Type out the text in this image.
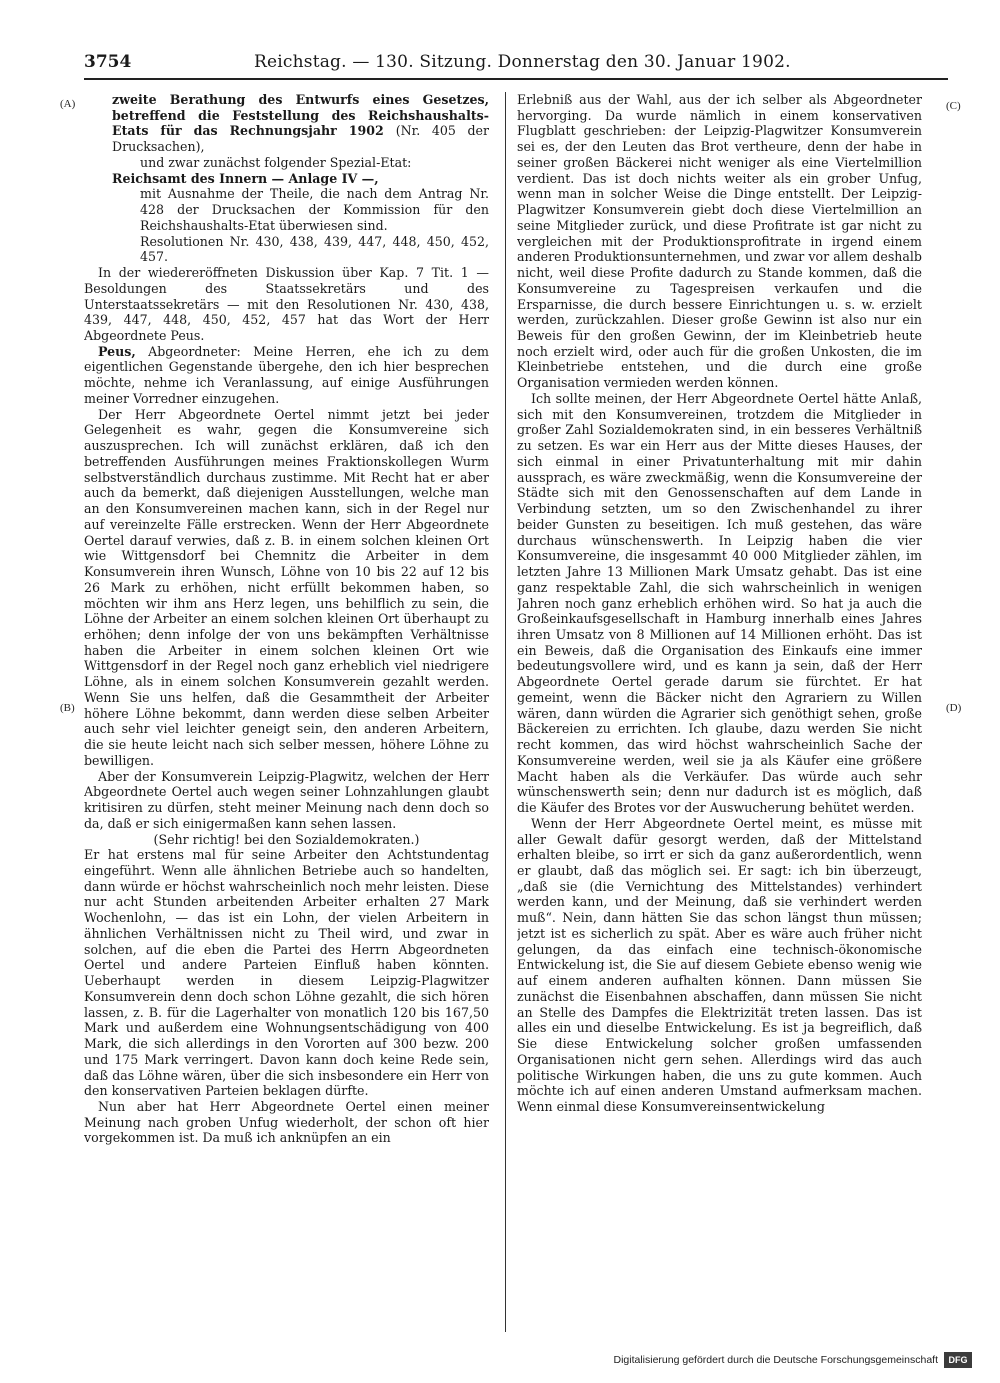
3754	Reichstag. — 130. Sitzung. Donnerstag den 30. Januar 1902.
(A)
(B)
(C)
(D)

zweite Berathung des Entwurfs eines Gesetzes, betreffend die Feststellung des Reichshaushalts-Etats für das Rechnungsjahr 1902 (Nr. 405 der Drucksachen),

und zwar zunächst folgender Spezial-Etat:

Reichsamt des Innern — Anlage IV —,

mit Ausnahme der Theile, die nach dem Antrag Nr. 428 der Drucksachen der Kommission für den Reichshaushalts-Etat überwiesen sind.

Resolutionen Nr. 430, 438, 439, 447, 448, 450, 452, 457.

In der wiedereröffneten Diskussion über Kap. 7 Tit. 1 — Besoldungen des Staatssekretärs und des Unterstaatssekretärs — mit den Resolutionen Nr. 430, 438, 439, 447, 448, 450, 452, 457 hat das Wort der Herr Abgeordnete Peus.

Peus, Abgeordneter: Meine Herren, ehe ich zu dem eigentlichen Gegenstande übergehe, den ich hier besprechen möchte, nehme ich Veranlassung, auf einige Ausführungen meiner Vorredner einzugehen.

Der Herr Abgeordnete Oertel nimmt jetzt bei jeder Gelegenheit es wahr, gegen die Konsumvereine sich auszusprechen. Ich will zunächst erklären, daß ich den betreffenden Ausführungen meines Fraktionskollegen Wurm selbstverständlich durchaus zustimme. Mit Recht hat er aber auch da bemerkt, daß diejenigen Ausstellungen, welche man an den Konsumvereinen machen kann, sich in der Regel nur auf vereinzelte Fälle erstrecken. Wenn der Herr Abgeordnete Oertel darauf verwies, daß z. B. in einem solchen kleinen Ort wie Wittgensdorf bei Chemnitz die Arbeiter in dem Konsumverein ihren Wunsch, Löhne von 10 bis 22 auf 12 bis 26 Mark zu erhöhen, nicht erfüllt bekommen haben, so möchten wir ihm ans Herz legen, uns behilflich zu sein, die Löhne der Arbeiter an einem solchen kleinen Ort überhaupt zu erhöhen; denn infolge der von uns bekämpften Verhältnisse haben die Arbeiter in einem solchen kleinen Ort wie Wittgensdorf in der Regel noch ganz erheblich viel niedrigere Löhne, als in einem solchen Konsumverein gezahlt werden. Wenn Sie uns helfen, daß die Gesammtheit der Arbeiter höhere Löhne bekommt, dann werden diese selben Arbeiter auch sehr viel leichter geneigt sein, den anderen Arbeitern, die sie heute leicht nach sich selber messen, höhere Löhne zu bewilligen.

Aber der Konsumverein Leipzig-Plagwitz, welchen der Herr Abgeordnete Oertel auch wegen seiner Lohnzahlungen glaubt kritisiren zu dürfen, steht meiner Meinung nach denn doch so da, daß er sich einigermaßen kann sehen lassen.

(Sehr richtig! bei den Sozialdemokraten.)

Er hat erstens mal für seine Arbeiter den Achtstundentag eingeführt. Wenn alle ähnlichen Betriebe auch so handelten, dann würde er höchst wahrscheinlich noch mehr leisten. Diese nur acht Stunden arbeitenden Arbeiter erhalten 27 Mark Wochenlohn, — das ist ein Lohn, der vielen Arbeitern in ähnlichen Verhältnissen nicht zu Theil wird, und zwar in solchen, auf die eben die Partei des Herrn Abgeordneten Oertel und andere Parteien Einfluß haben könnten. Ueberhaupt werden in diesem Leipzig-Plagwitzer Konsumverein denn doch schon Löhne gezahlt, die sich hören lassen, z. B. für die Lagerhalter von monatlich 120 bis 167,50 Mark und außerdem eine Wohnungsentschädigung von 400 Mark, die sich allerdings in den Vororten auf 300 bezw. 200 und 175 Mark verringert. Davon kann doch keine Rede sein, daß das Löhne wären, über die sich insbesondere ein Herr von den konservativen Parteien beklagen dürfte.

Nun aber hat Herr Abgeordnete Oertel einen meiner Meinung nach groben Unfug wiederholt, der schon oft hier vorgekommen ist. Da muß ich anknüpfen an ein

Erlebniß aus der Wahl, aus der ich selber als Abgeordneter hervorging. Da wurde nämlich in einem konservativen Flugblatt geschrieben: der Leipzig-Plagwitzer Konsumverein sei es, der den Leuten das Brot vertheure, denn der habe in seiner großen Bäckerei nicht weniger als eine Viertelmillion verdient. Das ist doch nichts weiter als ein grober Unfug, wenn man in solcher Weise die Dinge entstellt. Der Leipzig-Plagwitzer Konsumverein giebt doch diese Viertelmillion an seine Mitglieder zurück, und diese Profitrate ist gar nicht zu vergleichen mit der Produktionsprofitrate in irgend einem anderen Produktionsunternehmen, und zwar vor allem deshalb nicht, weil diese Profite dadurch zu Stande kommen, daß die Konsumvereine zu Tagespreisen verkaufen und die Ersparnisse, die durch bessere Einrichtungen u. s. w. erzielt werden, zurückzahlen. Dieser große Gewinn ist also nur ein Beweis für den großen Gewinn, der im Kleinbetrieb heute noch erzielt wird, oder auch für die großen Unkosten, die im Kleinbetriebe entstehen, und die durch eine große Organisation vermieden werden können.

Ich sollte meinen, der Herr Abgeordnete Oertel hätte Anlaß, sich mit den Konsumvereinen, trotzdem die Mitglieder in großer Zahl Sozialdemokraten sind, in ein besseres Verhältniß zu setzen. Es war ein Herr aus der Mitte dieses Hauses, der sich einmal in einer Privatunterhaltung mit mir dahin aussprach, es wäre zweckmäßig, wenn die Konsumvereine der Städte sich mit den Genossenschaften auf dem Lande in Verbindung setzten, um so den Zwischenhandel zu ihrer beider Gunsten zu beseitigen. Ich muß gestehen, das wäre durchaus wünschenswerth. In Leipzig haben die vier Konsumvereine, die insgesammt 40 000 Mitglieder zählen, im letzten Jahre 13 Millionen Mark Umsatz gehabt. Das ist eine ganz respektable Zahl, die sich wahrscheinlich in wenigen Jahren noch ganz erheblich erhöhen wird. So hat ja auch die Großeinkaufsgesellschaft in Hamburg innerhalb eines Jahres ihren Umsatz von 8 Millionen auf 14 Millionen erhöht. Das ist ein Beweis, daß die Organisation des Einkaufs eine immer bedeutungsvollere wird, und es kann ja sein, daß der Herr Abgeordnete Oertel gerade darum sie fürchtet. Er hat gemeint, wenn die Bäcker nicht den Agrariern zu Willen wären, dann würden die Agrarier sich genöthigt sehen, große Bäckereien zu errichten. Ich glaube, dazu werden Sie nicht recht kommen, das wird höchst wahrscheinlich Sache der Konsumvereine werden, weil sie ja als Käufer eine größere Macht haben als die Verkäufer. Das würde auch sehr wünschenswerth sein; denn nur dadurch ist es möglich, daß die Käufer des Brotes vor der Auswucherung behütet werden.

Wenn der Herr Abgeordnete Oertel meint, es müsse mit aller Gewalt dafür gesorgt werden, daß der Mittelstand erhalten bleibe, so irrt er sich da ganz außerordentlich, wenn er glaubt, daß das möglich sei. Er sagt: ich bin überzeugt, „daß sie (die Vernichtung des Mittelstandes) verhindert werden kann, und der Meinung, daß sie verhindert werden muß“. Nein, dann hätten Sie das schon längst thun müssen; jetzt ist es sicherlich zu spät. Aber es wäre auch früher nicht gelungen, da das einfach eine technisch-ökonomische Entwickelung ist, die Sie auf diesem Gebiete ebenso wenig wie auf einem anderen aufhalten können. Dann müssen Sie zunächst die Eisenbahnen abschaffen, dann müssen Sie nicht an Stelle des Dampfes die Elektrizität treten lassen. Das ist alles ein und dieselbe Entwickelung. Es ist ja begreiflich, daß Sie diese Entwickelung solcher großen umfassenden Organisationen nicht gern sehen. Allerdings wird das auch politische Wirkungen haben, die uns zu gute kommen. Auch möchte ich auf einen anderen Umstand aufmerksam machen. Wenn einmal diese Konsumvereinsentwickelung

Digitalisierung gefördert durch die Deutsche Forschungsgemeinschaft	DFG
